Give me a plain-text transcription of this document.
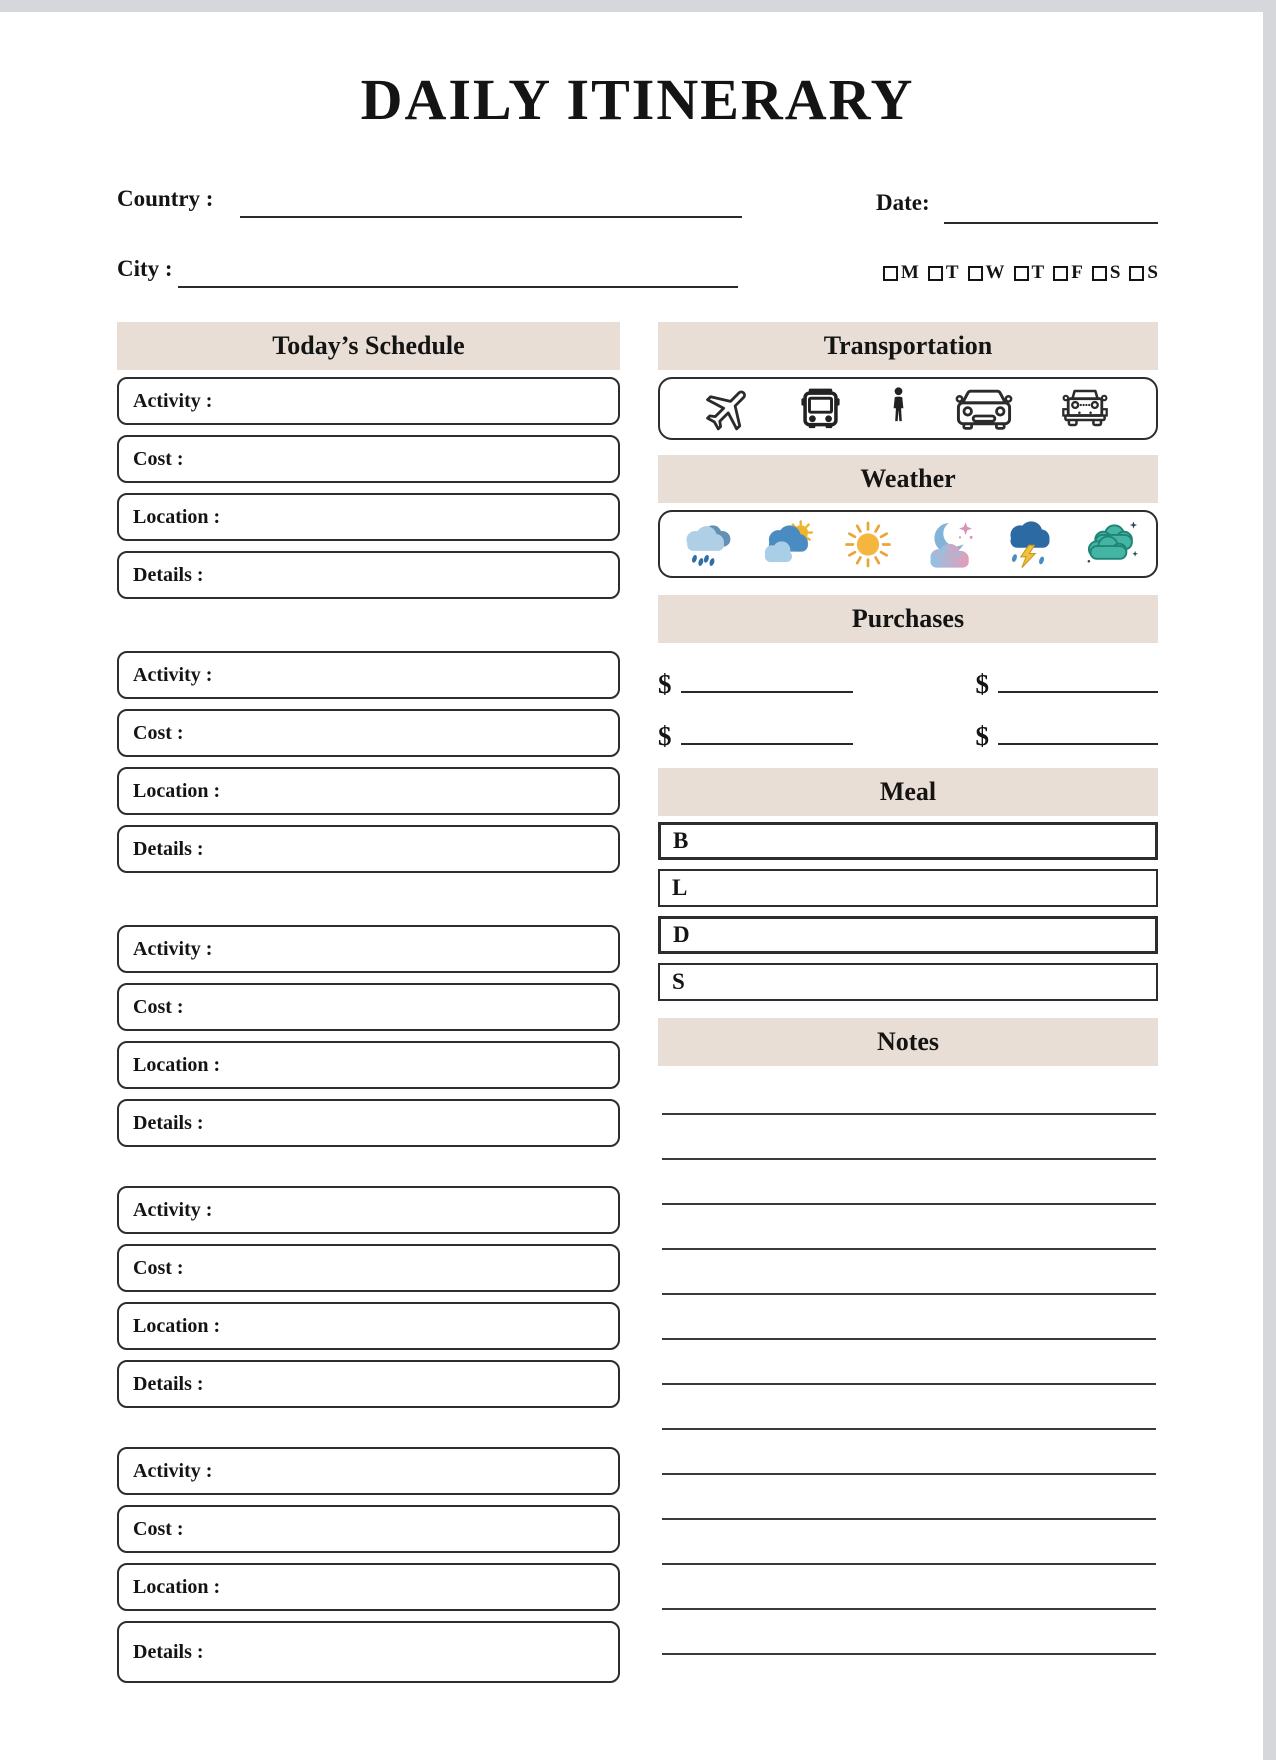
DAILY ITINERARY
Country :	Date:
City :	M T W T F S S
Today’s Schedule
Activity :
Cost :
Location :
Details :
Activity :
Cost :
Location :
Details :
Activity :
Cost :
Location :
Details :
Activity :
Cost :
Location :
Details :
Activity :
Cost :
Location :
Details :
Transportation
Weather
Purchases
$	$
$	$
Meal
B
L
D
S
Notes
